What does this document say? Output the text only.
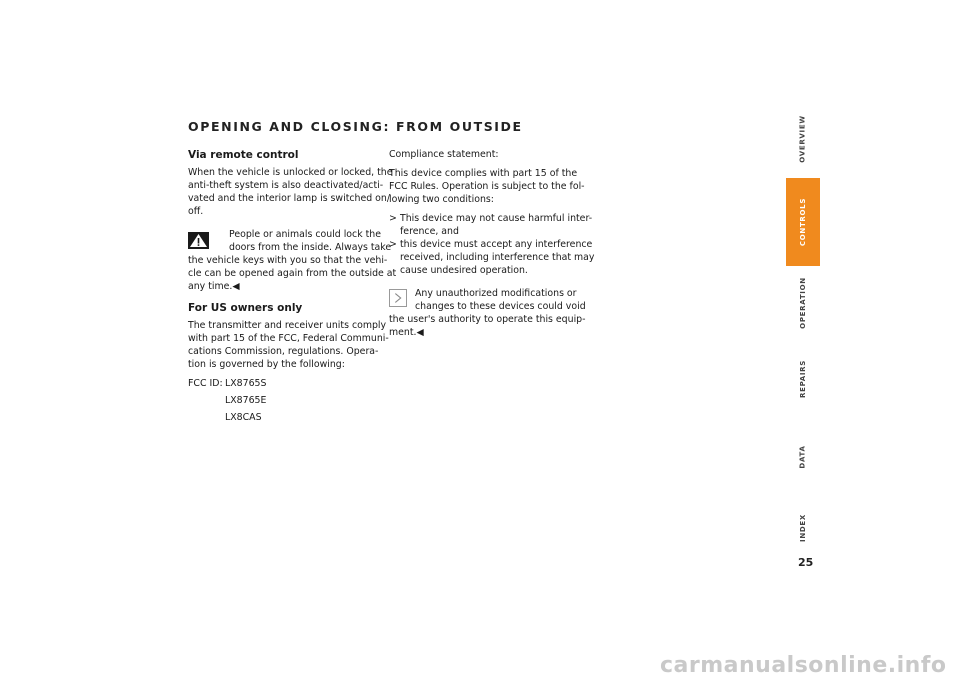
OPENING AND CLOSING: FROM OUTSIDE
Via remote control

When the vehicle is unlocked or locked, the
anti-theft system is also deactivated/acti-
vated and the interior lamp is switched on/
off.

People or animals could lock the
doors from the inside. Always take
the vehicle keys with you so that the vehi-
cle can be opened again from the outside at
any time.◀
For US owners only

The transmitter and receiver units comply
with part 15 of the FCC, Federal Communi-
cations Commission, regulations. Opera-
tion is governed by the following:

FCC ID: LX8765S
LX8765E
LX8CAS

Compliance statement:

This device complies with part 15 of the
FCC Rules. Operation is subject to the fol-
lowing two conditions:

> This device may not cause harmful inter-
ference, and
> this device must accept any interference
received, including interference that may
cause undesired operation.
Any unauthorized modifications or
changes to these devices could void
the user's authority to operate this equip-
ment.◀
OVERVIEW
CONTROLS
OPERATION
REPAIRS
DATA
INDEX
25
carmanualsonline.info
